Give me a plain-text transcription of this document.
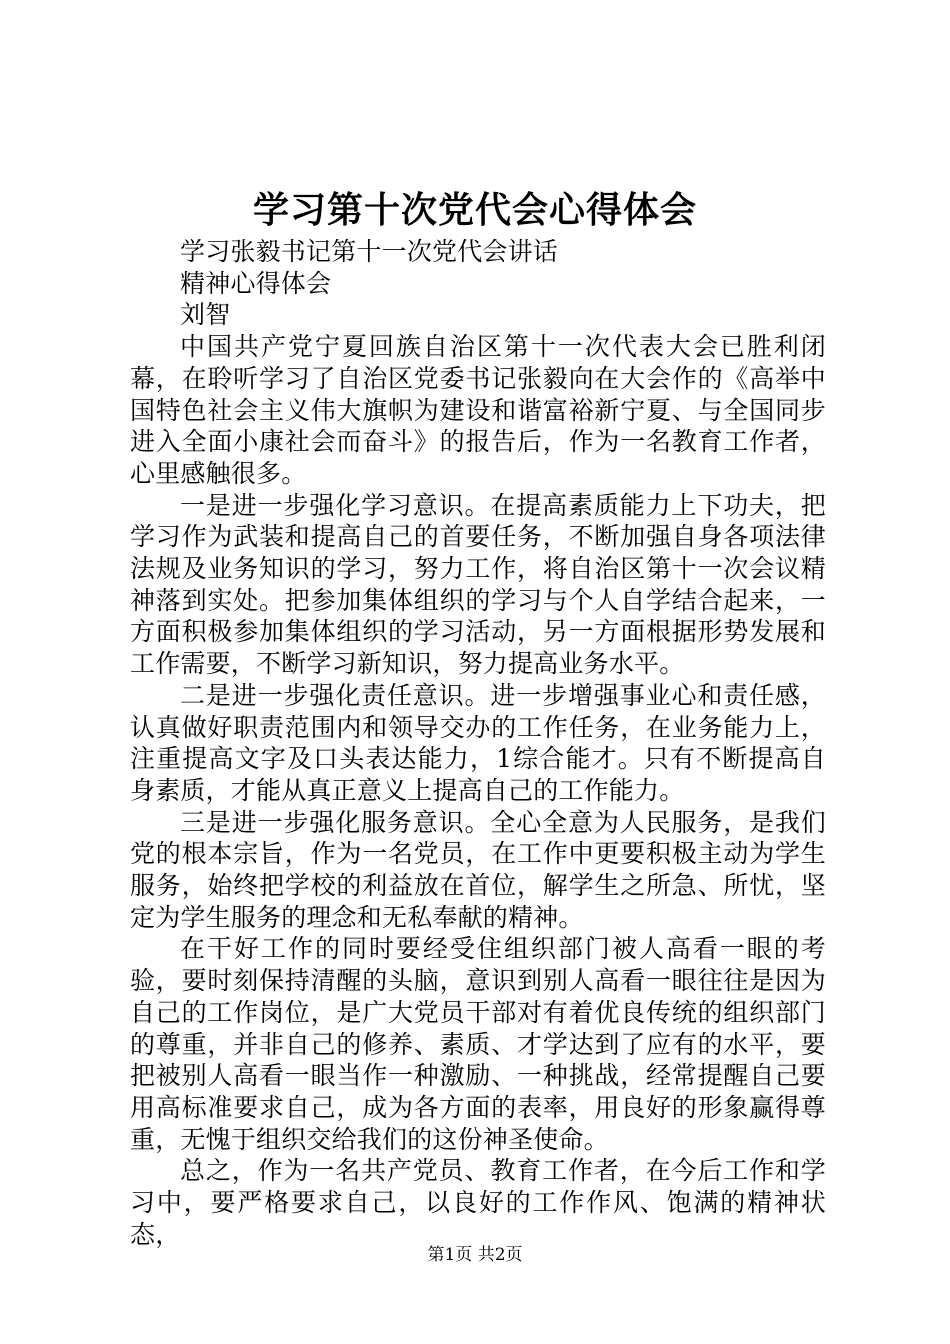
学习第十次党代会心得体会

学习张毅书记第十一次党代会讲话

精神心得体会

刘智

中国共产党宁夏回族自治区第十一次代表大会已胜利闭幕，在聆听学习了自治区党委书记张毅向在大会作的《高举中国特色社会主义伟大旗帜为建设和谐富裕新宁夏、与全国同步进入全面小康社会而奋斗》的报告后，作为一名教育工作者，心里感触很多。

一是进一步强化学习意识。在提高素质能力上下功夫，把学习作为武装和提高自己的首要任务，不断加强自身各项法律法规及业务知识的学习，努力工作，将自治区第十一次会议精神落到实处。把参加集体组织的学习与个人自学结合起来，一方面积极参加集体组织的学习活动，另一方面根据形势发展和工作需要，不断学习新知识，努力提高业务水平。

二是进一步强化责任意识。进一步增强事业心和责任感，认真做好职责范围内和领导交办的工作任务，在业务能力上，注重提高文字及口头表达能力，1综合能才。只有不断提高自身素质，才能从真正意义上提高自己的工作能力。

三是进一步强化服务意识。全心全意为人民服务，是我们党的根本宗旨，作为一名党员，在工作中更要积极主动为学生服务，始终把学校的利益放在首位，解学生之所急、所忧，坚定为学生服务的理念和无私奉献的精神。

在干好工作的同时要经受住组织部门被人高看一眼的考验，要时刻保持清醒的头脑，意识到别人高看一眼往往是因为自己的工作岗位，是广大党员干部对有着优良传统的组织部门的尊重，并非自己的修养、素质、才学达到了应有的水平，要把被别人高看一眼当作一种激励、一种挑战，经常提醒自己要用高标准要求自己，成为各方面的表率，用良好的形象赢得尊重，无愧于组织交给我们的这份神圣使命。

总之，作为一名共产党员、教育工作者，在今后工作和学习中，要严格要求自己，以良好的工作作风、饱满的精神状态，

第1页 共2页
